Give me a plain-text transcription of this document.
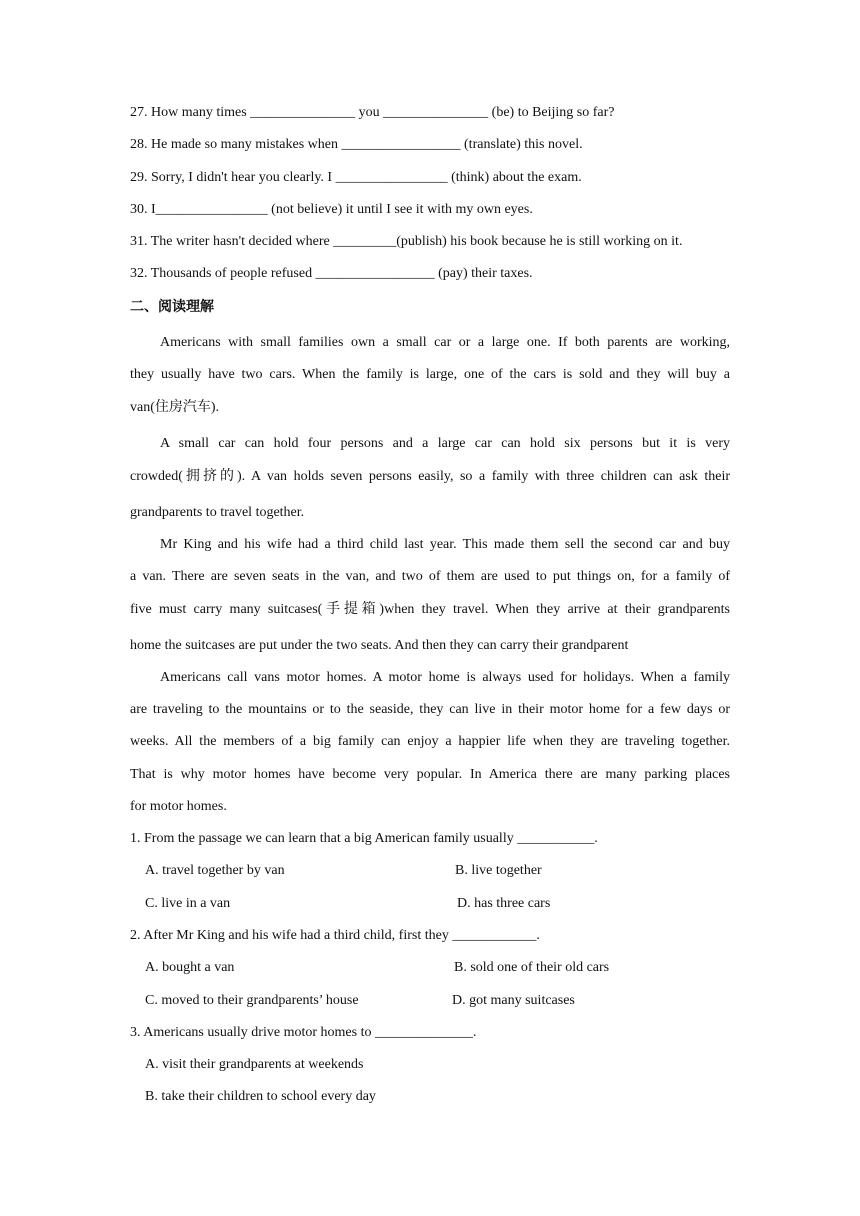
27. How many times _______________ you _______________ (be) to Beijing so far?
28. He made so many mistakes when _________________ (translate) this novel.
29. Sorry, I didn't hear you clearly. I ________________ (think) about the exam.
30. I________________ (not believe) it until I see it with my own eyes.
31. The writer hasn't decided where _________(publish) his book because he is still working on it.
32. Thousands of people refused _________________ (pay) their taxes.
二、阅读理解
Americans with small families own a small car or a large one. If both parents are working,
they usually have two cars. When the family is large, one of the cars is sold and they will buy a
van(住房汽车).
A small car can hold four persons and a large car can hold six persons but it is very
crowded(拥挤的). A van holds seven persons easily, so a family with three children can ask their
grandparents to travel together.
Mr King and his wife had a third child last year. This made them sell the second car and buy
a van. There are seven seats in the van, and two of them are used to put things on, for a family of
five must carry many suitcases(手提箱)when they travel. When they arrive at their grandparents
home the suitcases are put under the two seats. And then they can carry their grandparent
Americans call vans motor homes. A motor home is always used for holidays. When a family
are traveling to the mountains or to the seaside, they can live in their motor home for a few days or
weeks. All the members of a big family can enjoy a happier life when they are traveling together.
That is why motor homes have become very popular. In America there are many parking places
for motor homes.
1. From the passage we can learn that a big American family usually ___________.
A. travel together by van	B. live together
C. live in a van	D. has three cars
2. After Mr King and his wife had a third child, first they ____________.
A. bought a van	B. sold one of their old cars
C. moved to their grandparents’ house	D. got many suitcases
3. Americans usually drive motor homes to ______________.
A. visit their grandparents at weekends
B. take their children to school every day
